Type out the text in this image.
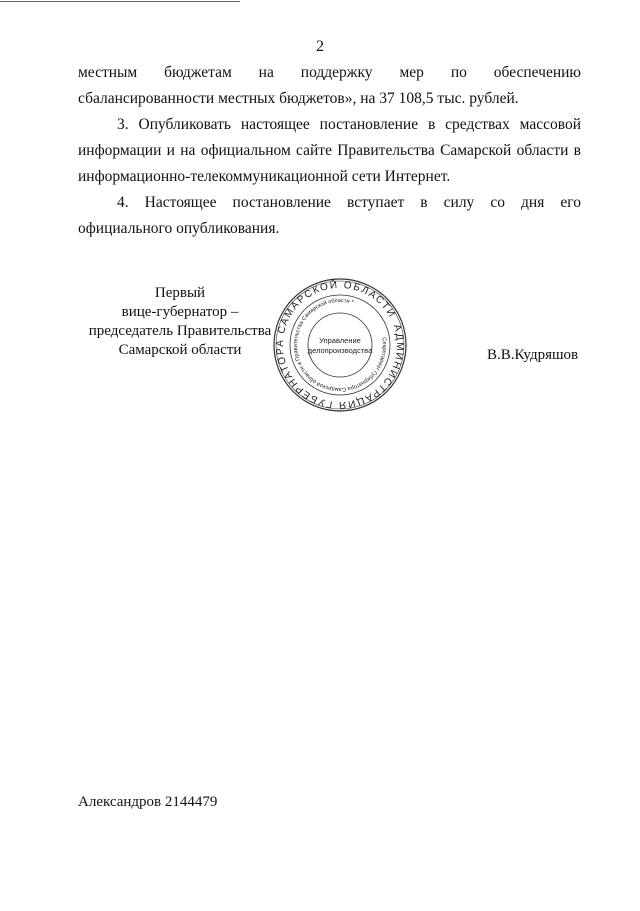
2

местным бюджетам на поддержку мер по обеспечению сбалансированности местных бюджетов», на 37 108,5 тыс. рублей.

3. Опубликовать настоящее постановление в средствах массовой информации и на официальном сайте Правительства Самарской области в информационно-телекоммуникационной сети Интернет.

4. Настоящее постановление вступает в силу со дня его официального опубликования.

Первый
вице-губернатор –
председатель Правительства
Самарской области
АДМИНИСТРАЦИЯ ГУБЕРНАТОРА САМАРСКОЙ ОБЛАСТИ
Секретариат Губернатора Самарской области и Правительства Самарской области *
Управление
делопроизводства	В.В.Кудряшов
Александров 2144479
